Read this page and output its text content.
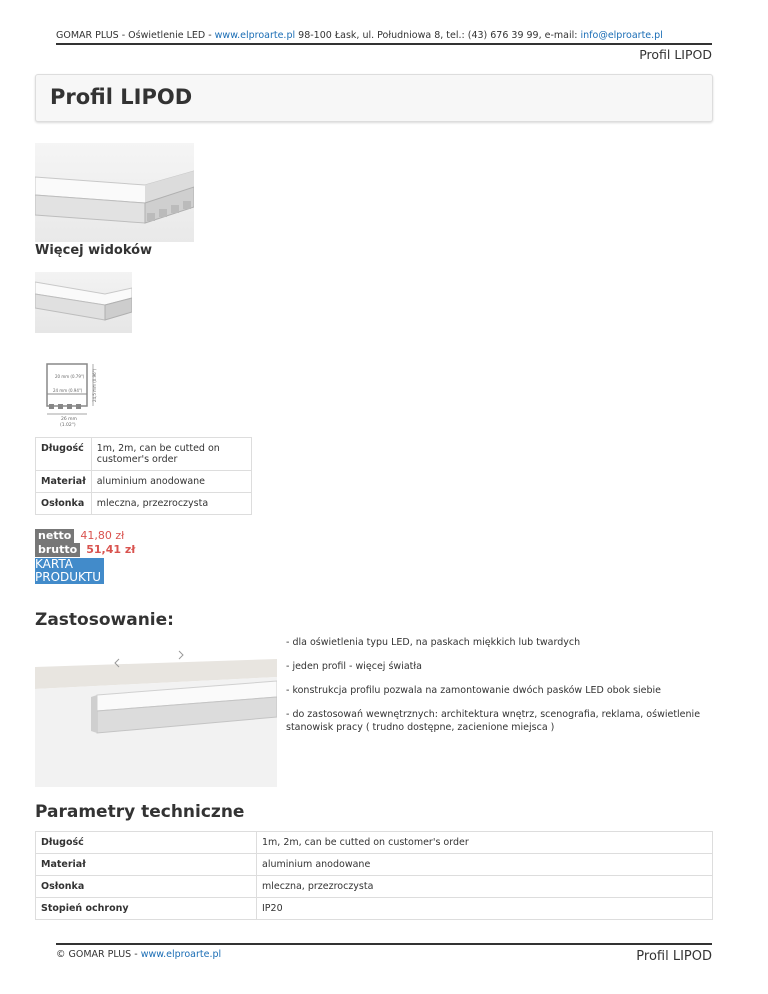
GOMAR PLUS - Oświetlenie LED - www.elproarte.pl 98-100 Łask, ul. Południowa 8, tel.: (43) 676 39 99, e-mail: info@elproarte.pl
Profil LIPOD
Profil LIPOD
Więcej widoków
20 mm (0.79")
24 mm (0.94") 24,5 mm (0.96")
26 mm
(1.02")
Długość	1m, 2m, can be cutted on customer's order
Materiał	aluminium anodowane
Osłonka	mleczna, przezroczysta
netto 41,80 zł
brutto 51,41 zł
KARTA PRODUKTU
Zastosowanie:

- dla oświetlenia typu LED, na paskach miękkich lub twardych

- jeden profil - więcej światła

- konstrukcja profilu pozwala na zamontowanie dwóch pasków LED obok siebie

- do zastosowań wewnętrznych: architektura wnętrz, scenografia, reklama, oświetlenie stanowisk pracy ( trudno dostępne, zacienione miejsca )

Parametry techniczne
Długość	1m, 2m, can be cutted on customer's order
Materiał	aluminium anodowane
Osłonka	mleczna, przezroczysta
Stopień ochrony	IP20
© GOMAR PLUS - www.elproarte.pl	Profil LIPOD
